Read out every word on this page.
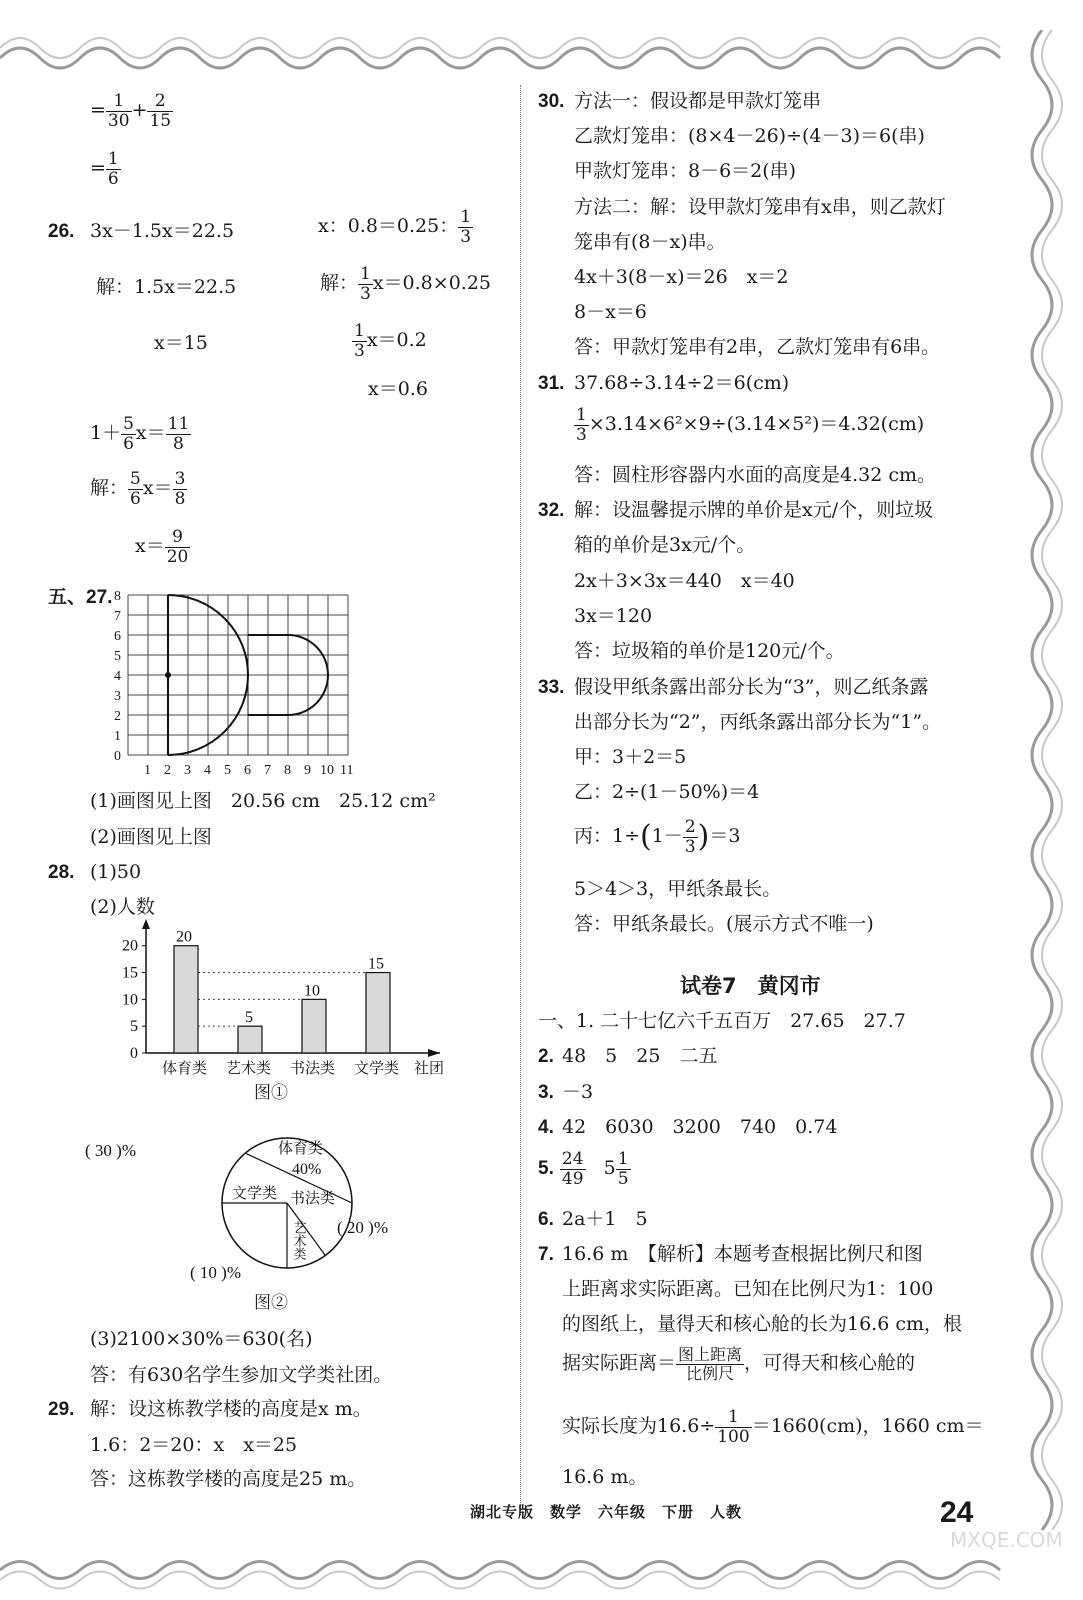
= $\frac{1}{30} + \frac{2}{15}$
= $\frac{1}{6}$
26. 3x－1.5x＝22.5	x：0.8＝0.25： $\frac{1}{3}$
解：1.5x＝22.5
x＝15
解： $\frac{1}{3} x=0.8\times 0.25$
$\frac{1}{3} x=0.2$
x＝0.6
$1+ \frac{5}{6} x= \frac{11}{8}$
解： $\frac{5}{6} x= \frac{3}{8}$
$x= \frac{9}{20}$
五、27.
0
1
2
3
4
5
6
7
8
1 2 3 4 5 6 7 8 9 10 11
(1)画图见上图　20.56 cm　25.12 cm²
(2)画图见上图
28. (1)50
(2)人数
20
5
10
15
0
5
10
15
20
体育类 艺术类 书法类 文学类 社团
图①
体育类
40%
文学类 书法类
艺术类
( 30 )%
( 20 )%
( 10 )%
图②
(3)2100×30%＝630(名)
答：有630名学生参加文学类社团。
29. 解：设这栋教学楼的高度是x m。
1.6：2＝20：x　x＝25
答：这栋教学楼的高度是25 m。
30. 方法一：假设都是甲款灯笼串
乙款灯笼串：(8×4－26)÷(4－3)＝6(串)
甲款灯笼串：8－6＝2(串)
方法二：解：设甲款灯笼串有x串，则乙款灯
笼串有(8－x)串。
4x＋3(8－x)＝26　x＝2
8－x＝6
答：甲款灯笼串有2串，乙款灯笼串有6串。
31. 37.68÷3.14÷2＝6(cm)
$\frac{1}{3} \times 3.14\times 6^2\times 9\div(3.14\times 5^2)=4.32(cm)$
答：圆柱形容器内水面的高度是4.32 cm。
32. 解：设温馨提示牌的单价是x元/个，则垃圾
箱的单价是3x元/个。
2x＋3×3x＝440　x＝40
3x＝120
答：垃圾箱的单价是120元/个。
33. 假设甲纸条露出部分长为“3”，则乙纸条露
出部分长为“2”，丙纸条露出部分长为“1”。
甲：3＋2＝5
乙：2÷(1－50%)＝4
丙：$1\div(1- \frac{2}{3} )=3$
5＞4＞3，甲纸条最长。
答：甲纸条最长。(展示方式不唯一)
试卷7　黄冈市
一、1. 二十七亿六千五百万　27.65　27.7
2. 48　5　25　二五
3. －3
4. 42　6030　3200　740　0.74
5. $\frac{24}{49} 5 \frac{1}{5}$
6. 2a＋1　5
7. 16.6 m　【解析】本题考查根据比例尺和图
上距离求实际距离。已知在比例尺为1：100
的图纸上，量得天和核心舱的长为16.6 cm，根
据实际距离＝ $\frac{\text{图上距离}}{\text{比例尺}}$ ，可得天和核心舱的
实际长度为$16.6\div \frac{1}{100} =1660(cm)$，1660 cm＝
16.6 m。
湖北专版　数学　六年级　下册　人教	24
MXQE.COM
